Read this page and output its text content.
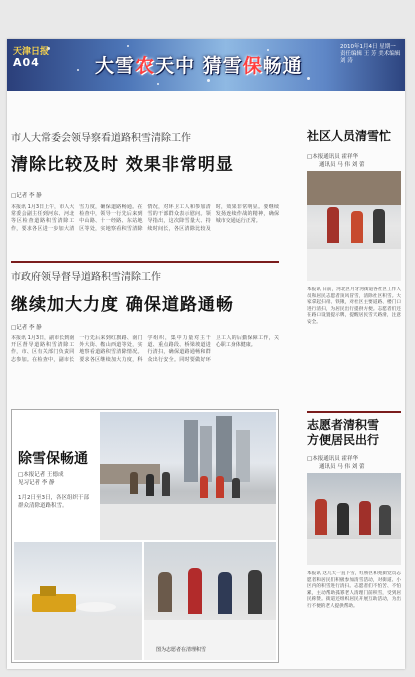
天津日报
A04	大雪农天中 猜雪保畅通
2010年1月4日 星期一 责任编辑 王 芳 美术编辑 刘 涛
市人大常委会领导察看道路积雪清除工作
清除比较及时 效果非常明显
□记者 李 静
本报讯 1月3日上午，市人大常委会副主任到河东、河北等区检查道路积雪清除工作，要求各区进一步加大清雪力度，确保道路畅通。在检查中，领导一行先后来到中山路、十一经路、东站地区等处，实地察看积雪清除情况，对环卫工人和参加清雪的干部群众表示慰问。领导指出，这次降雪量大、持续时间长，各区清除比较及时，效果非常明显。要继续发扬连续作战的精神，确保城市交通运行正常。
市政府领导督导道路积雪清除工作
继续加大力度 确保道路通畅
□记者 李 静
本报讯 1月3日，副市长到南开区督导道路积雪清除工作，市、区有关部门负责同志参加。在检查中，副市长一行先后来到红旗路、南门外大街、鞍山西道等处，实地察看道路积雪清除情况。要求各区继续加大力度，科学组织，集中力量对主干道、重点路段、桥梁坡道进行清扫，确保道路通畅和群众出行安全。同时要做好环卫工人的后勤保障工作，关心职工身体健康。
除雪保畅通
□本报记者 王德成
见习记者 李 静
1月2日至3日，各区组织干部群众清除道路积雪。
图为志愿者在清理积雪
社区人员清雪忙
□本报通讯员 霍祥华
通讯员 马 伟 刘 蕾
本报讯 日前，河北区月牙河街道各社区工作人员和居民志愿者顶风冒雪，清除社区积雪。大家拿起扫帚、铁锹，对社区主要道路、楼门口进行清扫，为居民出行提供方便。志愿者们还在路口设置提示牌，提醒居民雪天路滑，注意安全。
志愿者清积雪
方便居民出行
□本报通讯员 霍祥华
通讯员 马 伟 刘 蕾
本报讯 这几天一直下雪，红桥区和苑街党员志愿者和居民们积极参加清雪活动，对街道、小区内的积雪进行清扫。志愿者们不怕苦、不怕累，主动帮助孤寡老人清理门前积雪，受到居民称赞。街道还组织居民开展互助活动，为出行不便的老人提供帮助。
